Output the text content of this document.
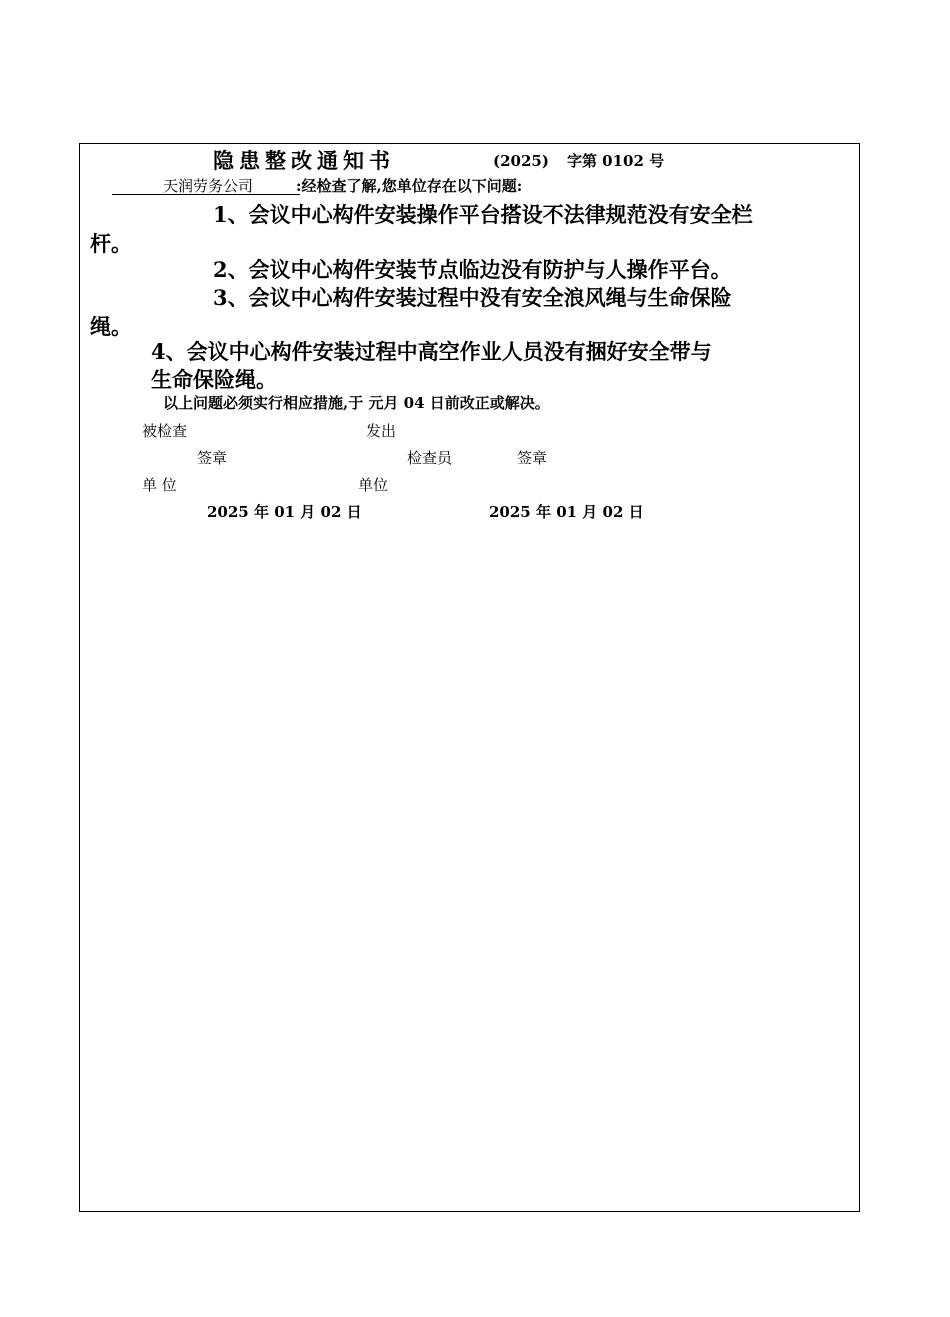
隐患整改通知书	(2025) 字第 0102 号
天润劳务公司	:经检查了解,您单位存在以下问题:
1、会议中心构件安装操作平台搭设不法律规范没有安全栏
杆。
2、会议中心构件安装节点临边没有防护与人操作平台。
3、会议中心构件安装过程中没有安全浪风绳与生命保险
绳。
4、会议中心构件安装过程中高空作业人员没有捆好安全带与
生命保险绳。
以上问题必须实行相应措施,于 元月 04 日前改正或解决。
被检查	发出
签章	检查员	签章
单 位	单位
2025 年 01 月 02 日	2025 年 01 月 02 日
